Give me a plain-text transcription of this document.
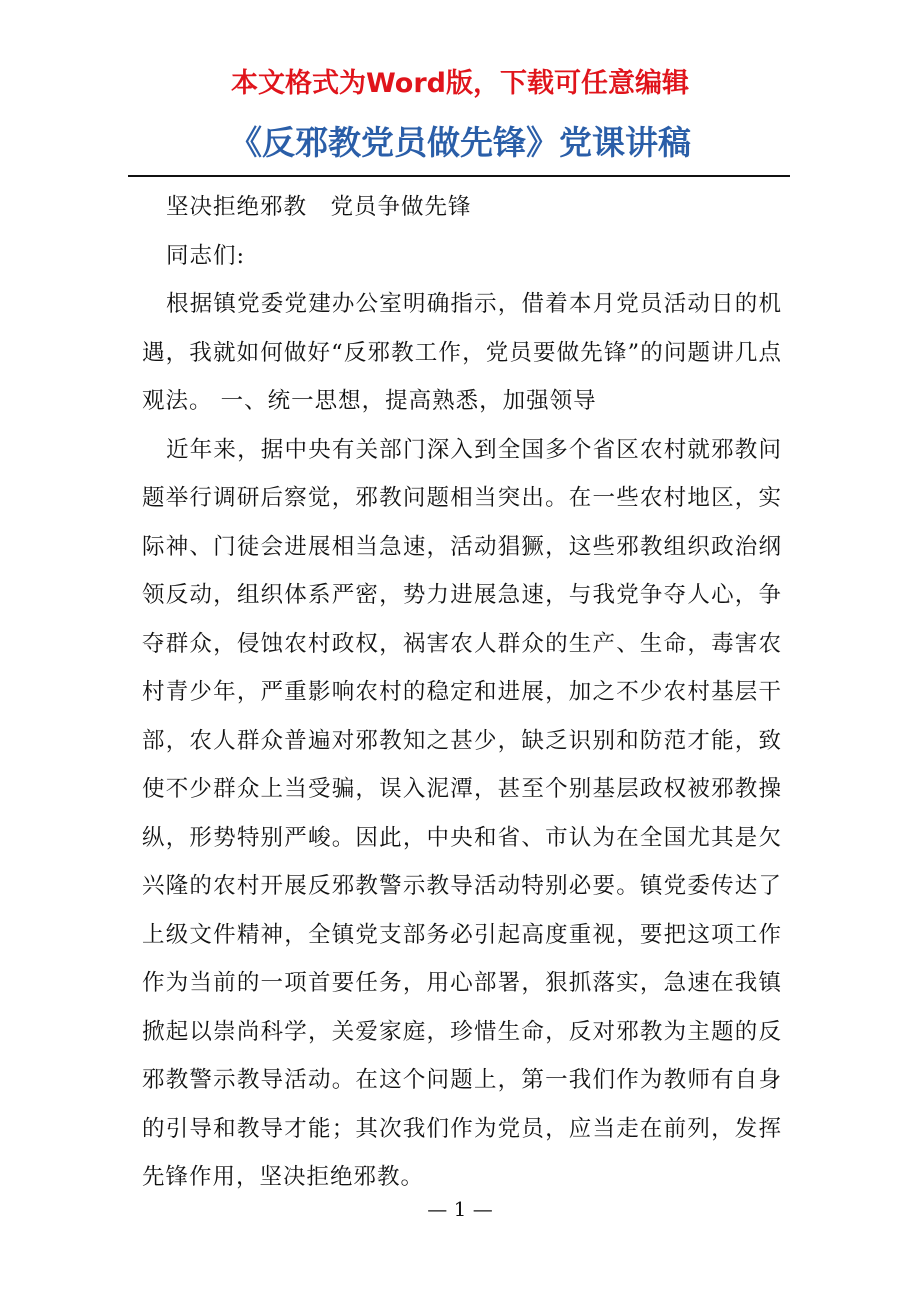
本文格式为Word版，下载可任意编辑
《反邪教党员做先锋》党课讲稿

坚决拒绝邪教　党员争做先锋

同志们:

根据镇党委党建办公室明确指示，借着本月党员活动日的机遇，我就如何做好“反邪教工作，党员要做先锋”的问题讲几点观法。 一、统一思想，提高熟悉，加强领导

近年来，据中央有关部门深入到全国多个省区农村就邪教问题举行调研后察觉，邪教问题相当突出。在一些农村地区，实际神、门徒会进展相当急速，活动猖獗，这些邪教组织政治纲领反动，组织体系严密，势力进展急速，与我党争夺人心，争夺群众，侵蚀农村政权，祸害农人群众的生产、生命，毒害农村青少年，严重影响农村的稳定和进展，加之不少农村基层干部，农人群众普遍对邪教知之甚少，缺乏识别和防范才能，致使不少群众上当受骗，误入泥潭，甚至个别基层政权被邪教操纵，形势特别严峻。因此，中央和省、市认为在全国尤其是欠兴隆的农村开展反邪教警示教导活动特别必要。镇党委传达了上级文件精神，全镇党支部务必引起高度重视，要把这项工作作为当前的一项首要任务，用心部署，狠抓落实，急速在我镇掀起以崇尚科学，关爱家庭，珍惜生命，反对邪教为主题的反邪教警示教导活动。在这个问题上，第一我们作为教师有自身的引导和教导才能；其次我们作为党员，应当走在前列，发挥先锋作用，坚决拒绝邪教。

— 1 —
